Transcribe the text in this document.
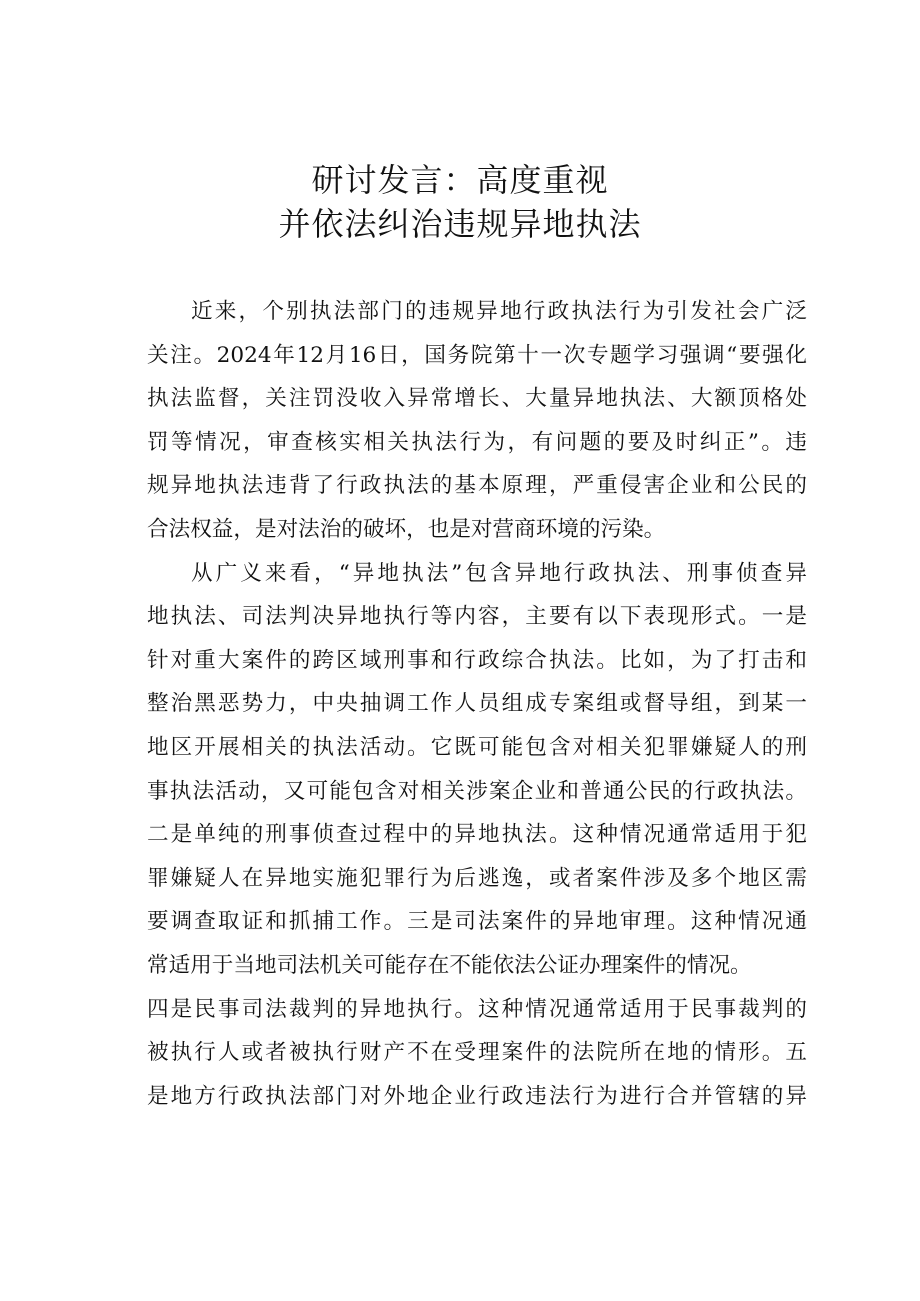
研讨发言：高度重视
并依法纠治违规异地执法
近来，个别执法部门的违规异地行政执法行为引发社会广泛
关注。2024年12月16日，国务院第十一次专题学习强调“要强化
执法监督，关注罚没收入异常增长、大量异地执法、大额顶格处
罚等情况，审查核实相关执法行为，有问题的要及时纠正”。违
规异地执法违背了行政执法的基本原理，严重侵害企业和公民的
合法权益，是对法治的破坏，也是对营商环境的污染。
从广义来看，“异地执法”包含异地行政执法、刑事侦查异
地执法、司法判决异地执行等内容，主要有以下表现形式。一是
针对重大案件的跨区域刑事和行政综合执法。比如，为了打击和
整治黑恶势力，中央抽调工作人员组成专案组或督导组，到某一
地区开展相关的执法活动。它既可能包含对相关犯罪嫌疑人的刑
事执法活动，又可能包含对相关涉案企业和普通公民的行政执法。
二是单纯的刑事侦查过程中的异地执法。这种情况通常适用于犯
罪嫌疑人在异地实施犯罪行为后逃逸，或者案件涉及多个地区需
要调查取证和抓捕工作。三是司法案件的异地审理。这种情况通
常适用于当地司法机关可能存在不能依法公证办理案件的情况。
四是民事司法裁判的异地执行。这种情况通常适用于民事裁判的
被执行人或者被执行财产不在受理案件的法院所在地的情形。五
是地方行政执法部门对外地企业行政违法行为进行合并管辖的异
